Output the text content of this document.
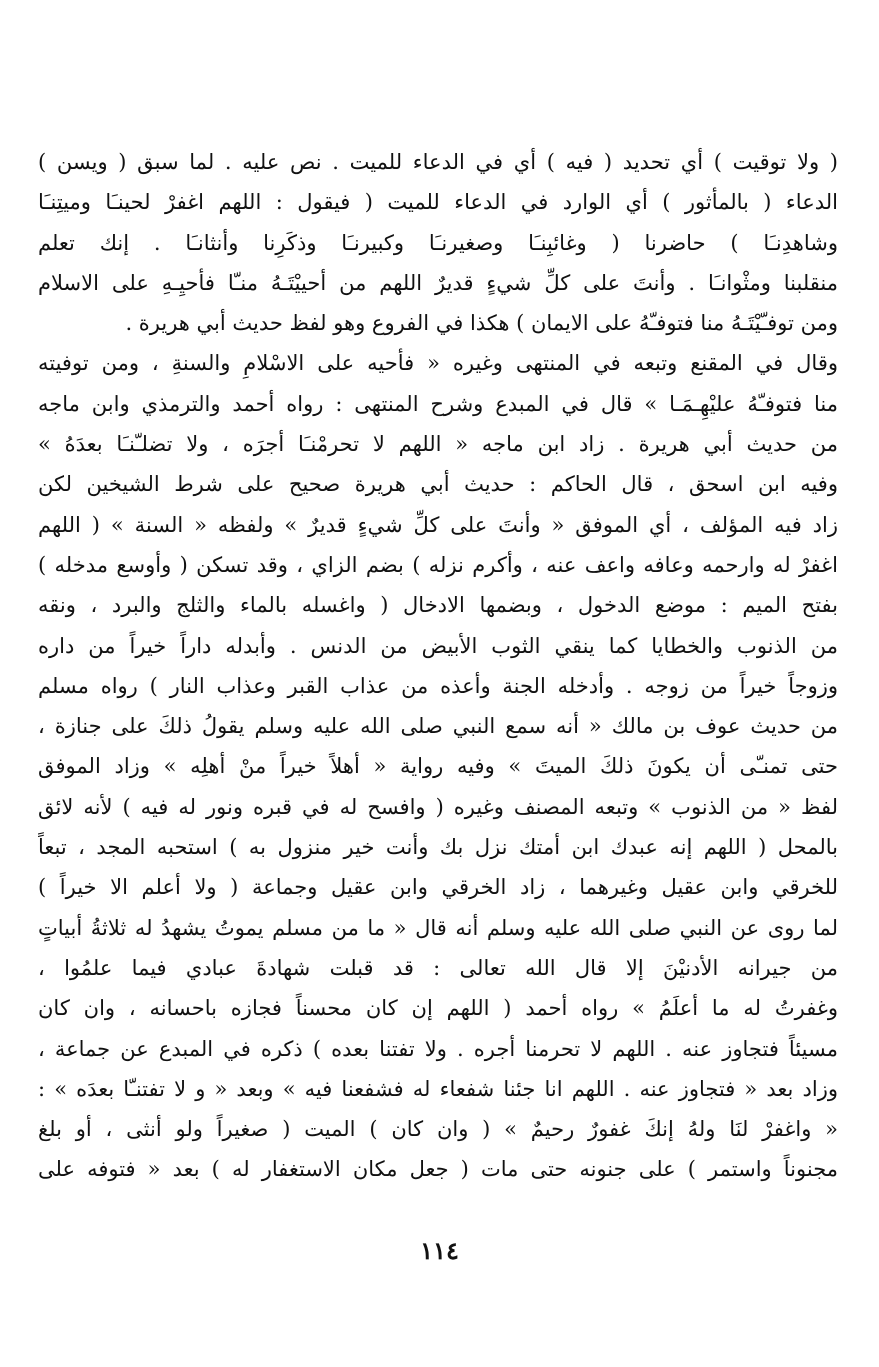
( ولا توقيت ) أي تحديد ( فيه ) أي في الدعاء للميت . نص عليه . لما سبق ( ويسن )
الدعاء ( بالمأثور ) أي الوارد في الدعاء للميت ( فيقول : اللهم اغفرْ لحينـَا وميتِنـَا
وشاهدِنـَا ) حاضرنا ( وغائبِنـَا وصغيرنـَا وكبيرنـَا وذكَرِنا وأنثانـَا . إنك تعلم
منقلبنا ومثْوانـَا . وأنتَ على كلِّ شيءٍ قديرٌ اللهم من أحييْتَـهُ منـّا فأحيِـهِ على الاسلام
ومن توفـّيْتَـهُ منا فتوفـّهُ على الايمان ) هكذا في الفروع وهو لفظ حديث أبي هريرة .
وقال في المقنع وتبعه في المنتهى وغيره « فأحيه على الاسْلامِ والسنةِ ، ومن توفيته
منا فتوفـّهُ عليْهِـمَـا » قال في المبدع وشرح المنتهى : رواه أحمد والترمذي وابن ماجه
من حديث أبي هريرة . زاد ابن ماجه « اللهم لا تحرمْنـَا أجرَه ، ولا تضلـّنـَا بعدَهُ »
وفيه ابن اسحق ، قال الحاكم : حديث أبي هريرة صحيح على شرط الشيخين لكن
زاد فيه المؤلف ، أي الموفق « وأنتَ على كلِّ شيءٍ قديرٌ » ولفظه « السنة » ( اللهم
اغفرْ له وارحمه وعافه واعف عنه ، وأكرم نزله ) بضم الزاي ، وقد تسكن ( وأوسع مدخله )
بفتح الميم : موضع الدخول ، وبضمها الادخال ( واغسله بالماء والثلج والبرد ، ونقه
من الذنوب والخطايا كما ينقي الثوب الأبيض من الدنس . وأبدله داراً خيراً من داره
وزوجاً خيراً من زوجه . وأدخله الجنة وأعذه من عذاب القبر وعذاب النار ) رواه مسلم
من حديث عوف بن مالك « أنه سمع النبي صلى الله عليه وسلم يقولُ ذلكَ على جنازة ،
حتى تمنـّى أن يكونَ ذلكَ الميتَ » وفيه رواية « أهلاً خيراً منْ أهلِه » وزاد الموفق
لفظ « من الذنوب » وتبعه المصنف وغيره ( وافسح له في قبره ونور له فيه ) لأنه لائق
بالمحل ( اللهم إنه عبدك ابن أمتك نزل بك وأنت خير منزول به ) استحبه المجد ، تبعاً
للخرقي وابن عقيل وغيرهما ، زاد الخرقي وابن عقيل وجماعة ( ولا أعلم الا خيراً )
لما روى عن النبي صلى الله عليه وسلم أنه قال « ما من مسلم يموتُ يشهدُ له ثلاثةُ أبياتٍ
من جيرانه الأدنيْنَ إلا قال الله تعالى : قد قبلت شهادةَ عبادي فيما علمُوا ،
وغفرتُ له ما أعلَمُ » رواه أحمد ( اللهم إن كان محسناً فجازه باحسانه ، وان كان
مسيئاً فتجاوز عنه . اللهم لا تحرمنا أجره . ولا تفتنا بعده ) ذكره في المبدع عن جماعة ،
وزاد بعد « فتجاوز عنه . اللهم انا جئنا شفعاء له فشفعنا فيه » وبعد « و لا تفتنـّا بعدَه » :
« واغفرْ لنَا ولهُ إنكَ غفورٌ رحيمٌ » ( وان كان ) الميت ( صغيراً ولو أنثى ، أو بلغ
مجنوناً واستمر ) على جنونه حتى مات ( جعل مكان الاستغفار له ) بعد « فتوفه على
١١٤
